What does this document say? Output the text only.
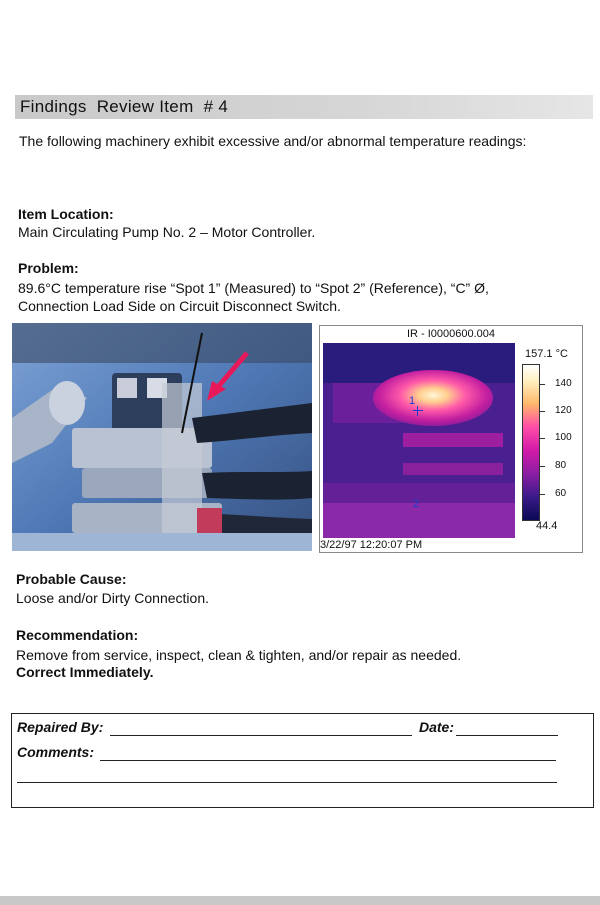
Findings  Review Item  # 4
The following machinery exhibit excessive and/or abnormal temperature readings:
Item Location:
Main Circulating Pump No. 2 – Motor Controller.
Problem:
89.6°C temperature rise “Spot 1” (Measured) to “Spot 2” (Reference), “C” Ø,
Connection Load Side on Circuit Disconnect Switch.
IR - I0000600.004
1
2
157.1 °C
140
120
100
80
60
44.4
3/22/97 12:20:07 PM
Probable Cause:
Loose and/or Dirty Connection.
Recommendation:
Remove from service, inspect, clean & tighten, and/or repair as needed.
Correct Immediately.
Repaired By:	Date:
Comments:
